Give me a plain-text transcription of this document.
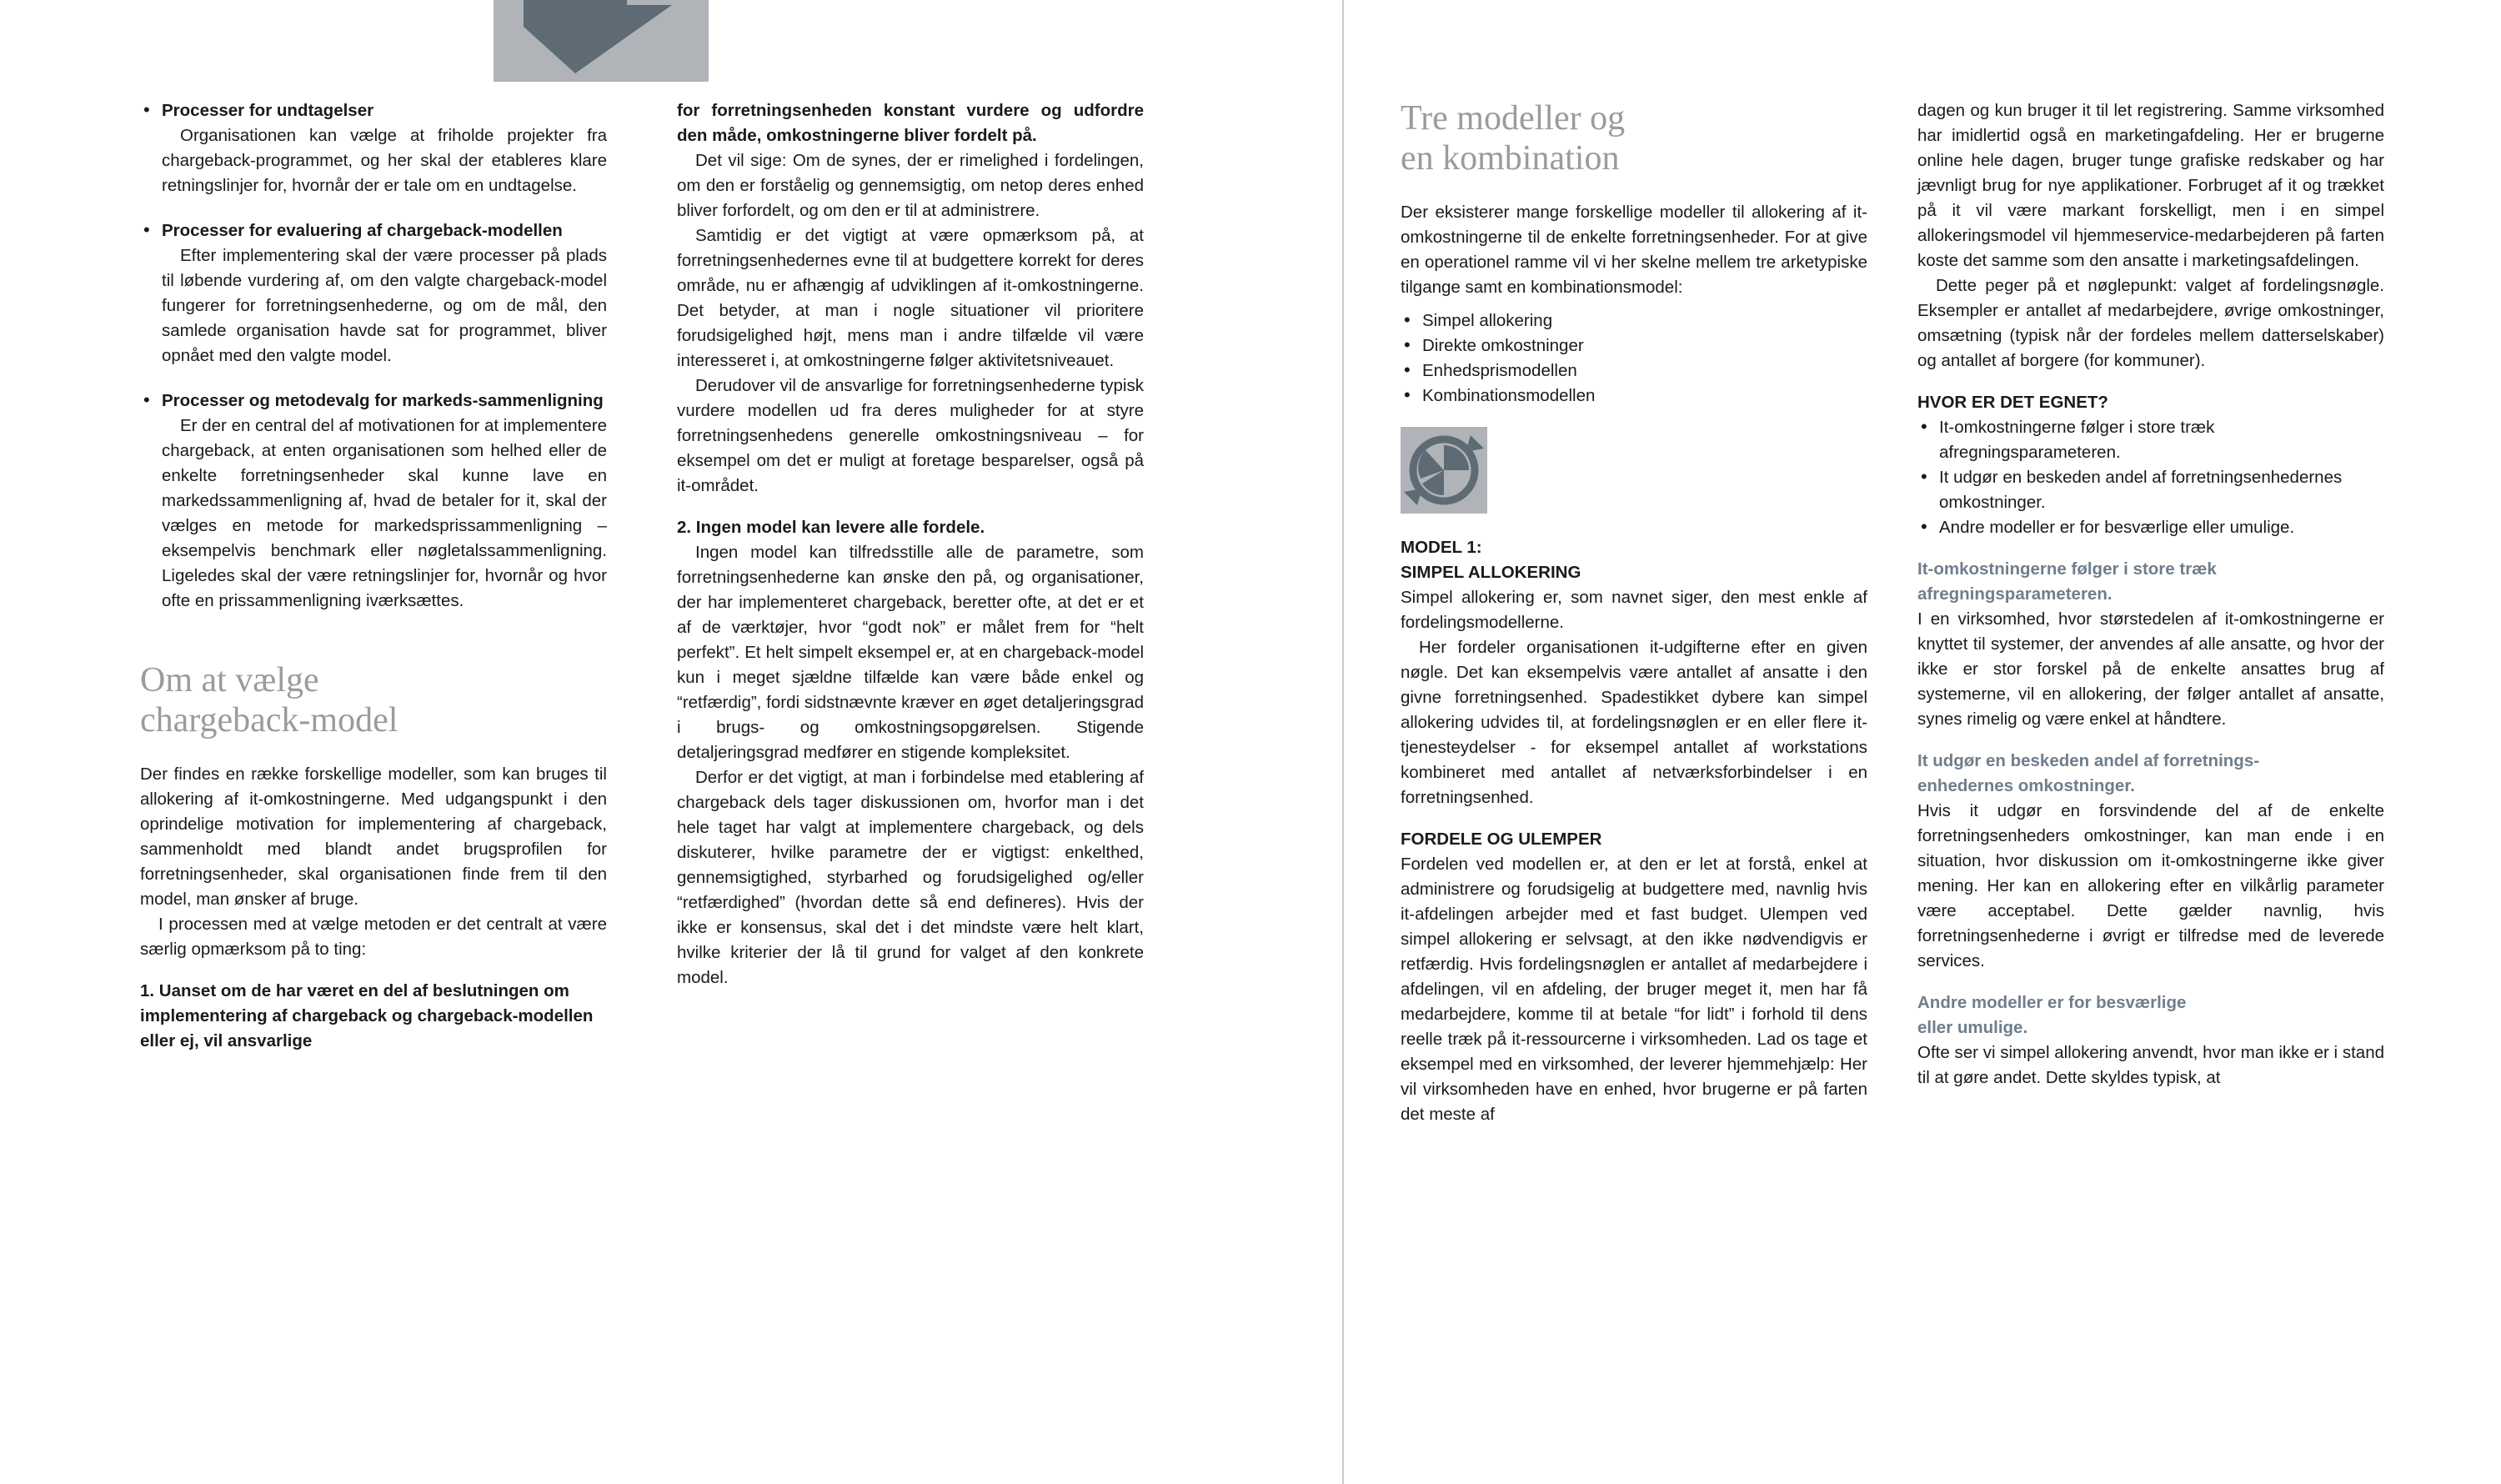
• Processer for undtagelser
Organisationen kan vælge at friholde projekter fra chargeback-programmet, og her skal der etableres klare retningslinjer for, hvornår der er tale om en undtagelse.
• Processer for evaluering af chargeback-modellen
Efter implementering skal der være processer på plads til løbende vurdering af, om den valgte chargeback-model fungerer for forretningsenhederne, og om de mål, den samlede organisation havde sat for programmet, bliver opnået med den valgte model.
• Processer og metodevalg for markeds-sammenligning
Er der en central del af motivationen for at implementere chargeback, at enten organisationen som helhed eller de enkelte forretningsenheder skal kunne lave en markedssammenligning af, hvad de betaler for it, skal der vælges en metode for markedsprissammenligning – eksempelvis benchmark eller nøgletalssammenligning. Ligeledes skal der være retningslinjer for, hvornår og hvor ofte en prissammenligning iværksættes.
Om at vælge
chargeback-model

Der findes en række forskellige modeller, som kan bruges til allokering af it-omkostningerne. Med udgangspunkt i den oprindelige motivation for implementering af chargeback, sammenholdt med blandt andet brugsprofilen for forretningsenheder, skal organisationen finde frem til den model, man ønsker af bruge.

I processen med at vælge metoden er det centralt at være særlig opmærksom på to ting:

1. Uanset om de har været en del af beslutningen om implementering af chargeback og chargeback-modellen eller ej, vil ansvarlige

for forretningsenheden konstant vurdere og udfordre den måde, omkostningerne bliver fordelt på.

Det vil sige: Om de synes, der er rimelighed i fordelingen, om den er forståelig og gennemsigtig, om netop deres enhed bliver forfordelt, og om den er til at administrere.

Samtidig er det vigtigt at være opmærksom på, at forretningsenhedernes evne til at budgettere korrekt for deres område, nu er afhængig af udviklingen af it-omkostningerne. Det betyder, at man i nogle situationer vil prioritere forudsigelighed højt, mens man i andre tilfælde vil være interesseret i, at omkostningerne følger aktivitetsniveauet.

Derudover vil de ansvarlige for forretningsenhederne typisk vurdere modellen ud fra deres muligheder for at styre forretningsenhedens generelle omkostningsniveau – for eksempel om det er muligt at foretage besparelser, også på it-området.

2. Ingen model kan levere alle fordele.

Ingen model kan tilfredsstille alle de parametre, som forretningsenhederne kan ønske den på, og organisationer, der har implementeret chargeback, beretter ofte, at det er et af de værktøjer, hvor “godt nok” er målet frem for “helt perfekt”. Et helt simpelt eksempel er, at en chargeback-model kun i meget sjældne tilfælde kan være både enkel og “retfærdig”, fordi sidstnævnte kræver en øget detaljeringsgrad i brugs- og omkostningsopgørelsen. Stigende detaljeringsgrad medfører en stigende kompleksitet.

Derfor er det vigtigt, at man i forbindelse med etablering af chargeback dels tager diskussionen om, hvorfor man i det hele taget har valgt at implementere chargeback, og dels diskuterer, hvilke parametre der er vigtigst: enkelthed, gennemsigtighed, styrbarhed og forudsigelighed og/eller “retfærdighed” (hvordan dette så end defineres). Hvis der ikke er konsensus, skal det i det mindste være helt klart, hvilke kriterier der lå til grund for valget af den konkrete model.

Tre modeller og
en kombination

Der eksisterer mange forskellige modeller til allokering af it-omkostningerne til de enkelte forretningsenheder. For at give en operationel ramme vil vi her skelne mellem tre arketypiske tilgange samt en kombinationsmodel:

• Simpel allokering
• Direkte omkostninger
• Enhedsprismodellen
• Kombinationsmodellen

MODEL 1:

SIMPEL ALLOKERING

Simpel allokering er, som navnet siger, den mest enkle af fordelingsmodellerne.

Her fordeler organisationen it-udgifterne efter en given nøgle. Det kan eksempelvis være antallet af ansatte i den givne forretningsenhed. Spadestikket dybere kan simpel allokering udvides til, at fordelingsnøglen er en eller flere it-tjenesteydelser - for eksempel antallet af workstations kombineret med antallet af netværksforbindelser i en forretningsenhed.

FORDELE OG ULEMPER

Fordelen ved modellen er, at den er let at forstå, enkel at administrere og forudsigelig at budgettere med, navnlig hvis it-afdelingen arbejder med et fast budget. Ulempen ved simpel allokering er selvsagt, at den ikke nødvendigvis er retfærdig. Hvis fordelingsnøglen er antallet af medarbejdere i afdelingen, vil en afdeling, der bruger meget it, men har få medarbejdere, komme til at betale “for lidt” i forhold til dens reelle træk på it-ressourcerne i virksomheden. Lad os tage et eksempel med en virksomhed, der leverer hjemmehjælp: Her vil virksomheden have en enhed, hvor brugerne er på farten det meste af

dagen og kun bruger it til let registrering. Samme virksomhed har imidlertid også en marketingafdeling. Her er brugerne online hele dagen, bruger tunge grafiske redskaber og har jævnligt brug for nye applikationer. Forbruget af it og trækket på it vil være markant forskelligt, men i en simpel allokeringsmodel vil hjemmeservice-medarbejderen på farten koste det samme som den ansatte i marketingsafdelingen.

Dette peger på et nøglepunkt: valget af fordelingsnøgle. Eksempler er antallet af medarbejdere, øvrige omkostninger, omsætning (typisk når der fordeles mellem datterselskaber) og antallet af borgere (for kommuner).

HVOR ER DET EGNET?

• It-omkostningerne følger i store træk afregningsparameteren.
• It udgør en beskeden andel af forretningsenhedernes omkostninger.
• Andre modeller er for besværlige eller umulige.

It-omkostningerne følger i store træk

afregningsparameteren.

I en virksomhed, hvor størstedelen af it-omkostningerne er knyttet til systemer, der anvendes af alle ansatte, og hvor der ikke er stor forskel på de enkelte ansattes brug af systemerne, vil en allokering, der følger antallet af ansatte, synes rimelig og være enkel at håndtere.

It udgør en beskeden andel af forretnings-

enhedernes omkostninger.

Hvis it udgør en forsvindende del af de enkelte forretningsenheders omkostninger, kan man ende i en situation, hvor diskussion om it-omkostningerne ikke giver mening. Her kan en allokering efter en vilkårlig parameter være acceptabel. Dette gælder navnlig, hvis forretningsenhederne i øvrigt er tilfredse med de leverede services.

Andre modeller er for besværlige

eller umulige.

Ofte ser vi simpel allokering anvendt, hvor man ikke er i stand til at gøre andet. Dette skyldes typisk, at
